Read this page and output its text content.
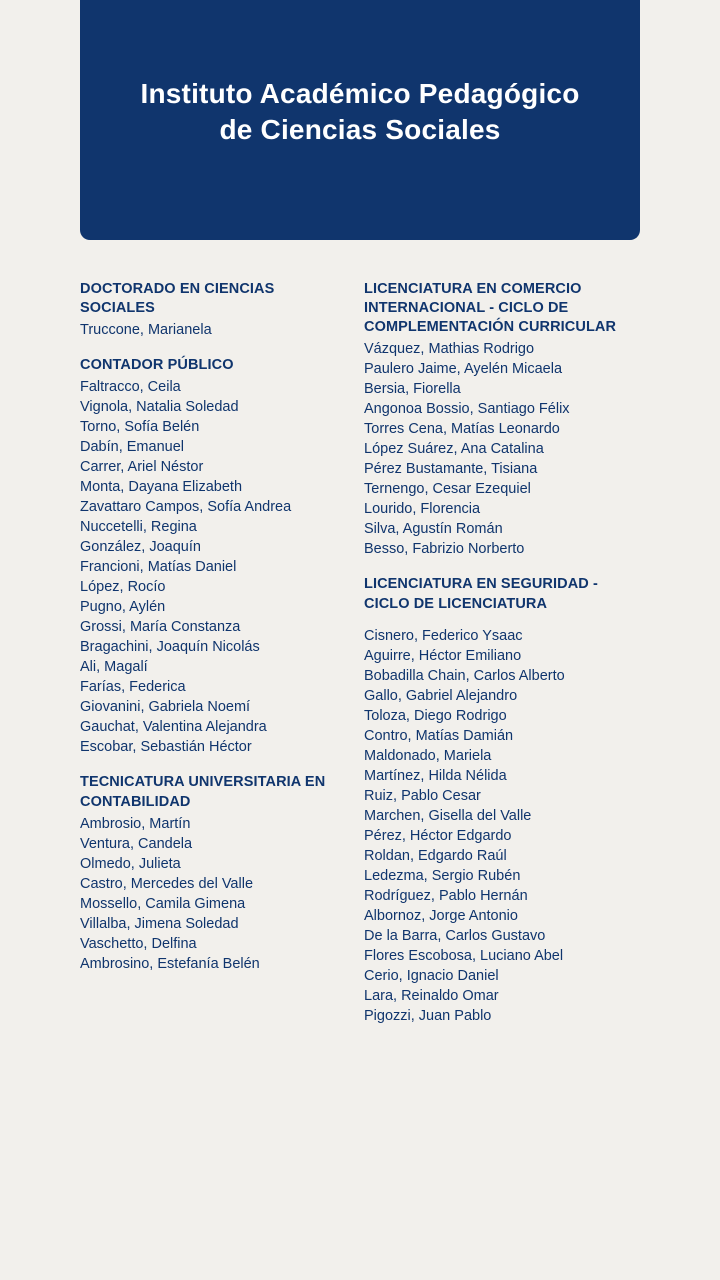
Instituto Académico Pedagógico de Ciencias Sociales
DOCTORADO EN CIENCIAS SOCIALES
Truccone, Marianela
CONTADOR PÚBLICO
Faltracco, Ceila
Vignola, Natalia Soledad
Torno, Sofía Belén
Dabín, Emanuel
Carrer, Ariel Néstor
Monta, Dayana Elizabeth
Zavattaro Campos, Sofía Andrea
Nuccetelli, Regina
González, Joaquín
Francioni, Matías Daniel
López, Rocío
Pugno, Aylén
Grossi, María Constanza
Bragachini, Joaquín Nicolás
Ali, Magalí
Farías, Federica
Giovanini, Gabriela Noemí
Gauchat, Valentina Alejandra
Escobar, Sebastián Héctor
TECNICATURA UNIVERSITARIA EN CONTABILIDAD
Ambrosio, Martín
Ventura, Candela
Olmedo, Julieta
Castro, Mercedes del Valle
Mossello, Camila Gimena
Villalba, Jimena Soledad
Vaschetto, Delfina
Ambrosino, Estefanía Belén
LICENCIATURA EN COMERCIO INTERNACIONAL - CICLO DE COMPLEMENTACIÓN CURRICULAR
Vázquez, Mathias Rodrigo
Paulero Jaime, Ayelén Micaela
Bersia, Fiorella
Angonoa Bossio, Santiago Félix
Torres Cena, Matías Leonardo
López Suárez, Ana Catalina
Pérez Bustamante, Tisiana
Ternengo, Cesar Ezequiel
Lourido, Florencia
Silva, Agustín Román
Besso, Fabrizio Norberto
LICENCIATURA EN SEGURIDAD - CICLO DE LICENCIATURA
Cisnero, Federico Ysaac
Aguirre, Héctor Emiliano
Bobadilla Chain, Carlos Alberto
Gallo, Gabriel Alejandro
Toloza, Diego Rodrigo
Contro, Matías Damián
Maldonado, Mariela
Martínez, Hilda Nélida
Ruiz, Pablo Cesar
Marchen, Gisella del Valle
Pérez, Héctor Edgardo
Roldan, Edgardo Raúl
Ledezma, Sergio Rubén
Rodríguez, Pablo Hernán
Albornoz, Jorge Antonio
De la Barra, Carlos Gustavo
Flores Escobosa, Luciano Abel
Cerio, Ignacio Daniel
Lara, Reinaldo Omar
Pigozzi, Juan Pablo
